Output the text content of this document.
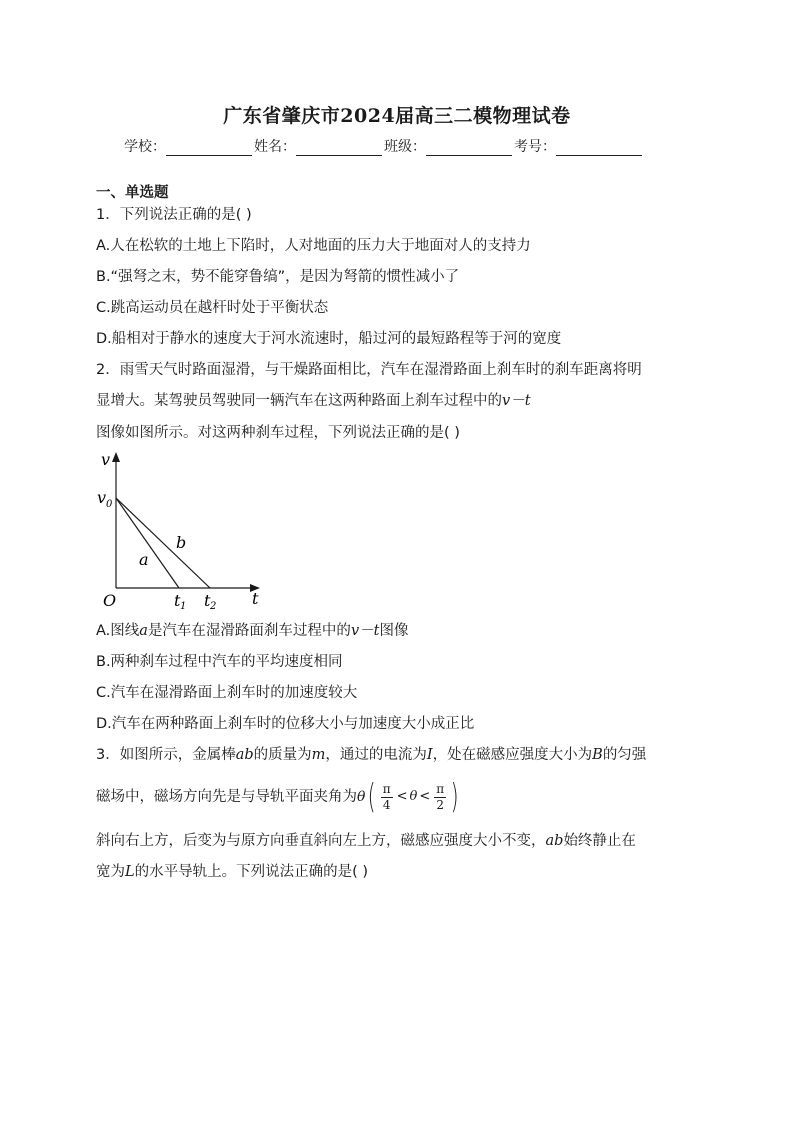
广东省肇庆市2024届高三二模物理试卷
学校：	姓名：	班级：	考号：
一、单选题
1．下列说法正确的是( )
A.人在松软的土地上下陷时，人对地面的压力大于地面对人的支持力
B.“强弩之末，势不能穿鲁缟”，是因为弩箭的惯性减小了
C.跳高运动员在越杆时处于平衡状态
D.船相对于静水的速度大于河水流速时，船过河的最短路程等于河的宽度
2．雨雪天气时路面湿滑，与干燥路面相比，汽车在湿滑路面上刹车时的刹车距离将明
显增大。某驾驶员驾驶同一辆汽车在这两种路面上刹车过程中的v－t
图像如图所示。对这两种刹车过程，下列说法正确的是( )
v
t
O
v 0
a
b
t 1 t 2
A.图线a是汽车在湿滑路面刹车过程中的v－t图像
B.两种刹车过程中汽车的平均速度相同
C.汽车在湿滑路面上刹车时的加速度较大
D.汽车在两种路面上刹车时的位移大小与加速度大小成正比
3．如图所示，金属棒ab的质量为m，通过的电流为I，处在磁感应强度大小为B的匀强
磁场中，磁场方向先是与导轨平面夹角为 θ ( $\frac{\pi}{4} < \theta < \frac{\pi}{2}$ )
斜向右上方，后变为与原方向垂直斜向左上方，磁感应强度大小不变，ab始终静止在
宽为L的水平导轨上。下列说法正确的是( )
